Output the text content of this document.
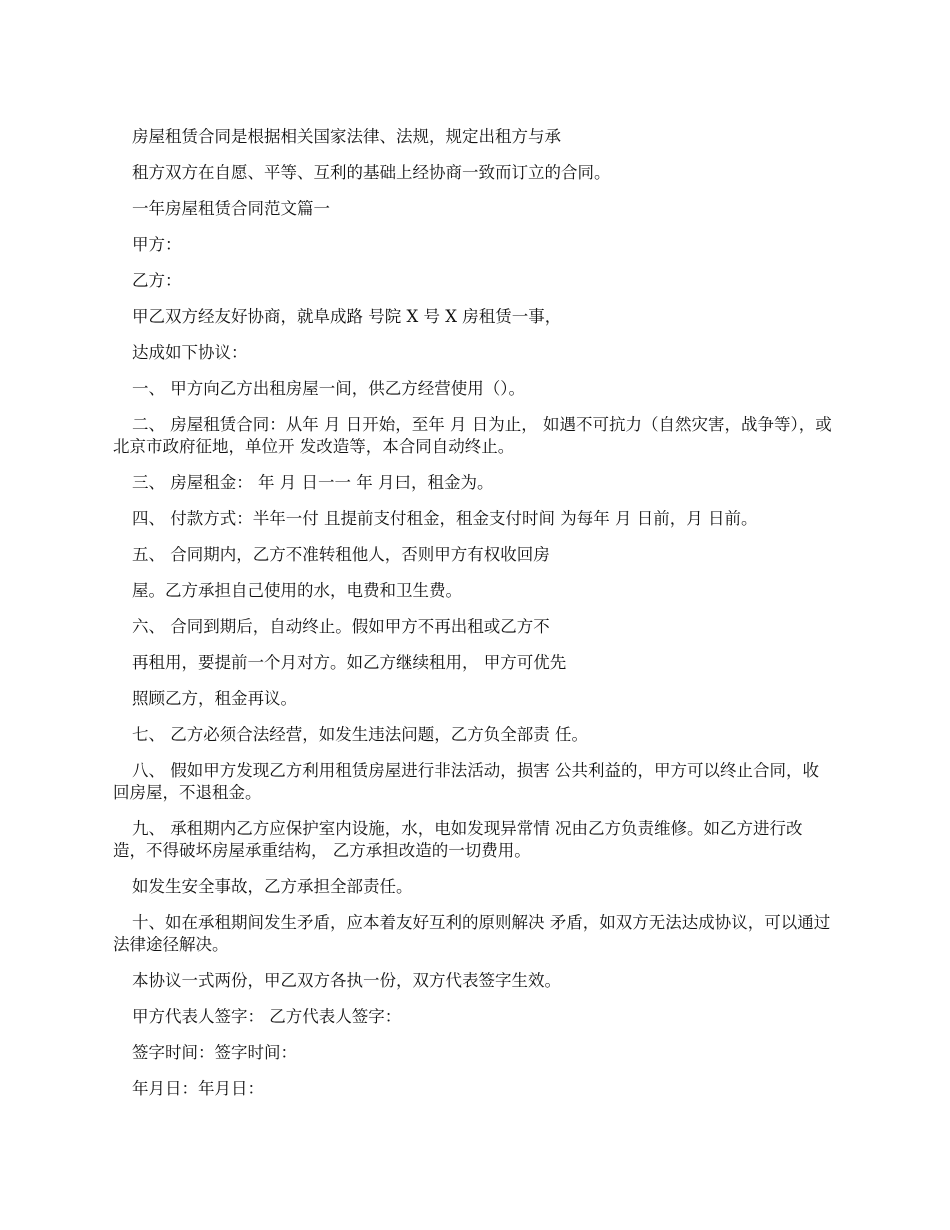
房屋租赁合同是根据相关国家法律、法规，规定出租方与承

租方双方在自愿、平等、互利的基础上经协商一致而订立的合同。

一年房屋租赁合同范文篇一

甲方：

乙方：

甲乙双方经友好协商，就阜成路 号院 X 号 X 房租赁一事，

达成如下协议：

一、 甲方向乙方出租房屋一间，供乙方经营使用（）。

二、 房屋租赁合同：从年 月 日开始，至年 月 日为止， 如遇不可抗力（自然灾害，战争等），或北京市政府征地，单位开 发改造等，本合同自动终止。

三、 房屋租金： 年 月 日一一 年 月曰，租金为。

四、 付款方式：半年一付 且提前支付租金，租金支付时间 为每年 月 日前，月 日前。

五、 合同期内，乙方不准转租他人，否则甲方有权收回房

屋。乙方承担自己使用的水，电费和卫生费。

六、 合同到期后，自动终止。假如甲方不再出租或乙方不

再租用，要提前一个月对方。如乙方继续租用， 甲方可优先

照顾乙方，租金再议。

七、 乙方必须合法经营，如发生违法问题，乙方负全部责 任。

八、 假如甲方发现乙方利用租赁房屋进行非法活动，损害 公共利益的，甲方可以终止合同，收回房屋，不退租金。

九、 承租期内乙方应保护室内设施，水，电如发现异常情 况由乙方负责维修。如乙方进行改造，不得破坏房屋承重结构， 乙方承担改造的一切费用。

如发生安全事故，乙方承担全部责任。

十、如在承租期间发生矛盾，应本着友好互利的原则解决 矛盾，如双方无法达成协议，可以通过法律途径解决。

本协议一式两份，甲乙双方各执一份，双方代表签字生效。

甲方代表人签字： 乙方代表人签字：

签字时间：签字时间：

年月日：年月日：
